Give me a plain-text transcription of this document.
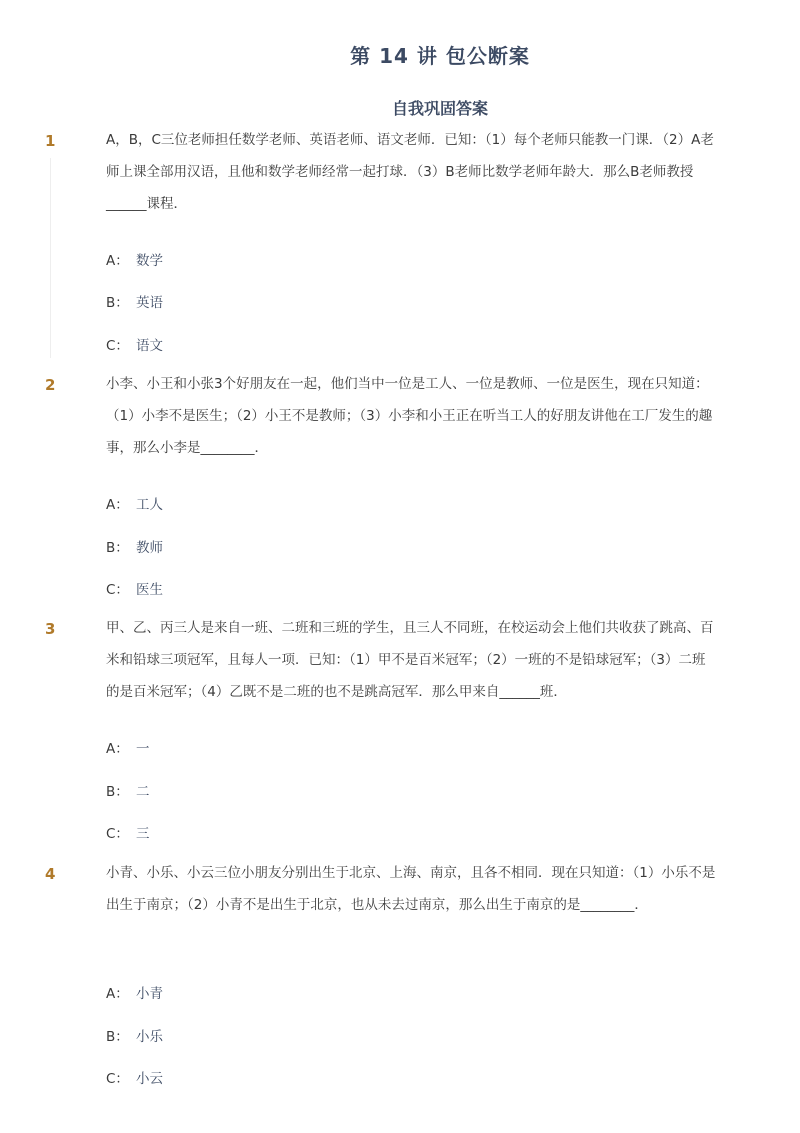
第 14 讲 包公断案
自我巩固答案
1	A，B，C三位老师担任数学老师、英语老师、语文老师．已知：（1）每个老师只能教一门课．（2）A老师上课全部用汉语，且他和数学老师经常一起打球．（3）B老师比数学老师年龄大．那么B老师教授______课程．

A： 数学
B： 英语
C： 语文
2	小李、小王和小张3个好朋友在一起，他们当中一位是工人、一位是教师、一位是医生，现在只知道：（1）小李不是医生；（2）小王不是教师；（3）小李和小王正在听当工人的好朋友讲他在工厂发生的趣事，那么小李是________．

A： 工人
B： 教师
C： 医生
3	甲、乙、丙三人是来自一班、二班和三班的学生，且三人不同班，在校运动会上他们共收获了跳高、百米和铅球三项冠军，且每人一项．已知：（1）甲不是百米冠军；（2）一班的不是铅球冠军；（3）二班的是百米冠军；（4）乙既不是二班的也不是跳高冠军．那么甲来自______班．

A： 一
B： 二
C： 三
4	小青、小乐、小云三位小朋友分别出生于北京、上海、南京，且各不相同．现在只知道：（1）小乐不是出生于南京；（2）小青不是出生于北京，也从未去过南京，那么出生于南京的是________．

A： 小青
B： 小乐
C： 小云
